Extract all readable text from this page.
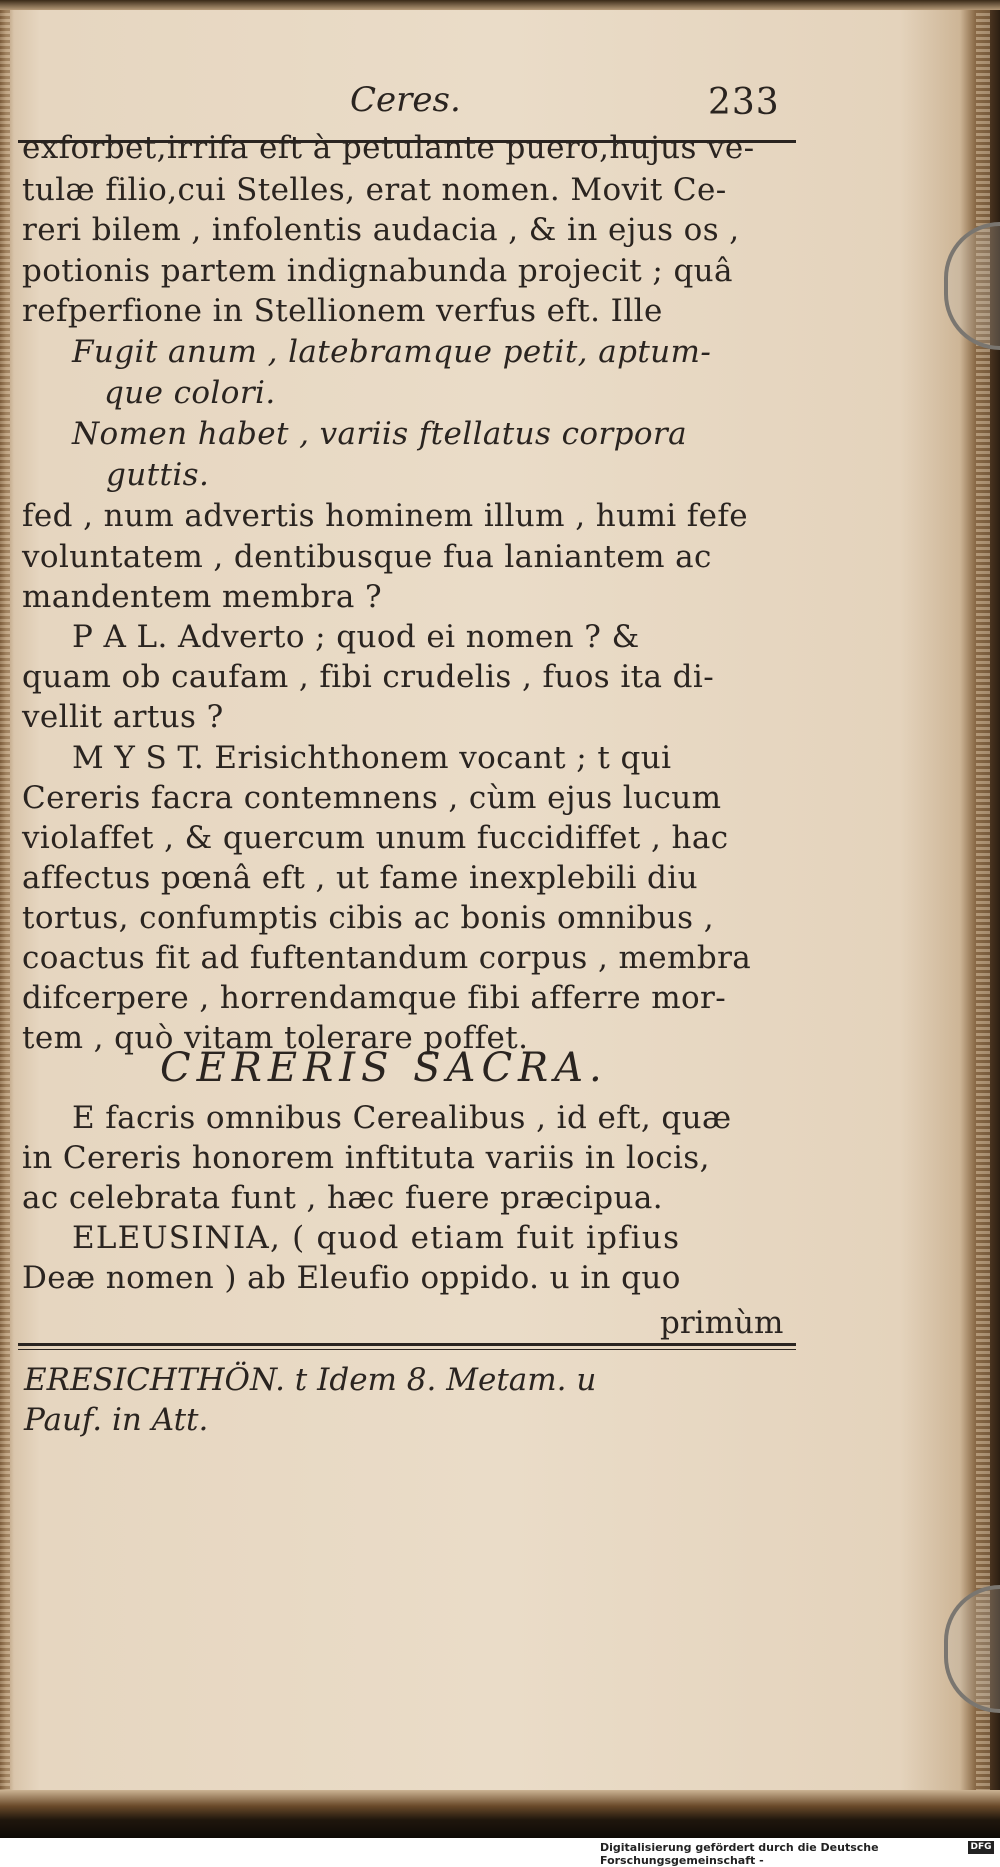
Ceres.	233
exforbet,irrifa eft à petulante puero,hujus ve-
tulæ filio,cui Stelles, erat nomen. Movit Ce-
reri bilem , infolentis audacia , & in ejus os ,
potionis partem indignabunda projecit ; quâ
refperfione in Stellionem verfus eft. Ille
Fugit anum , latebramque petit, aptum-
que colori.
Nomen habet , variis ftellatus corpora
guttis.
fed , num advertis hominem illum , humi fefe
voluntatem , dentibusque fua laniantem ac
mandentem membra ?
P A L. Adverto ; quod ei nomen ? &
quam ob caufam , fibi crudelis , fuos ita di-
vellit artus ?
M Y S T. Erisichthonem vocant ; t qui
Cereris facra contemnens , cùm ejus lucum
violaffet , & quercum unum fuccidiffet , hac
affectus pœnâ eft , ut fame inexplebili diu
tortus, confumptis cibis ac bonis omnibus ,
coactus fit ad fuftentandum corpus , membra
difcerpere , horrendamque fibi afferre mor-
tem , quò vitam tolerare poffet.
CERERIS SACRA.
E facris omnibus Cerealibus , id eft, quæ
in Cereris honorem inftituta variis in locis,
ac celebrata funt , hæc fuere præcipua.
ELEUSINIA, ( quod etiam fuit ipfius
Deæ nomen ) ab Eleufio oppido. u in quo
primùm
ERESICHTHÖN. t Idem 8. Metam. u
Pauf. in Att.
Digitalisierung gefördert durch die Deutsche Forschungsgemeinschaft -
DFG
